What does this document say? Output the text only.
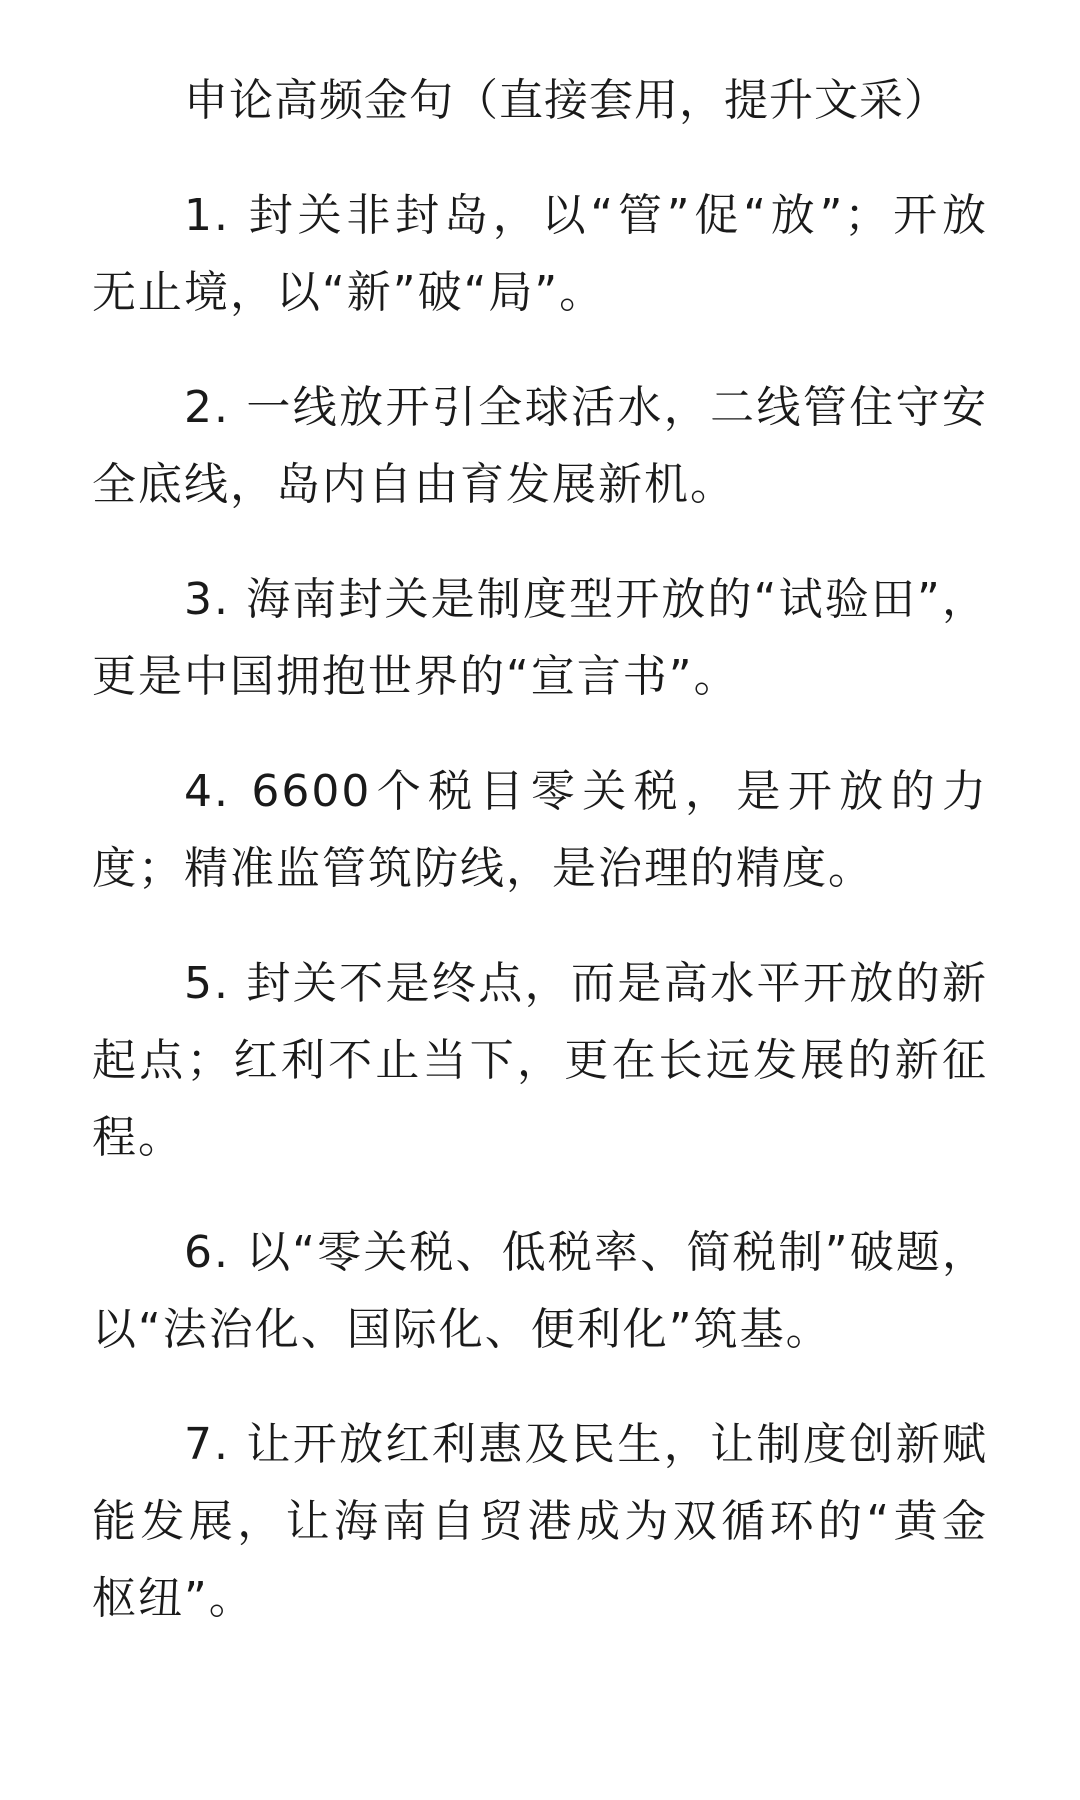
申论高频金句（直接套用，提升文采）

1. 封关非封岛，以“管”促“放”；开放无止境，以“新”破“局”。

2. 一线放开引全球活水，二线管住守安全底线，岛内自由育发展新机。

3. 海南封关是制度型开放的“试验田”，更是中国拥抱世界的“宣言书”。

4. 6600个税目零关税，是开放的力度；精准监管筑防线，是治理的精度。

5. 封关不是终点，而是高水平开放的新起点；红利不止当下，更在长远发展的新征程。

6. 以“零关税、低税率、简税制”破题，以“法治化、国际化、便利化”筑基。

7. 让开放红利惠及民生，让制度创新赋能发展，让海南自贸港成为双循环的“黄金枢纽”。
